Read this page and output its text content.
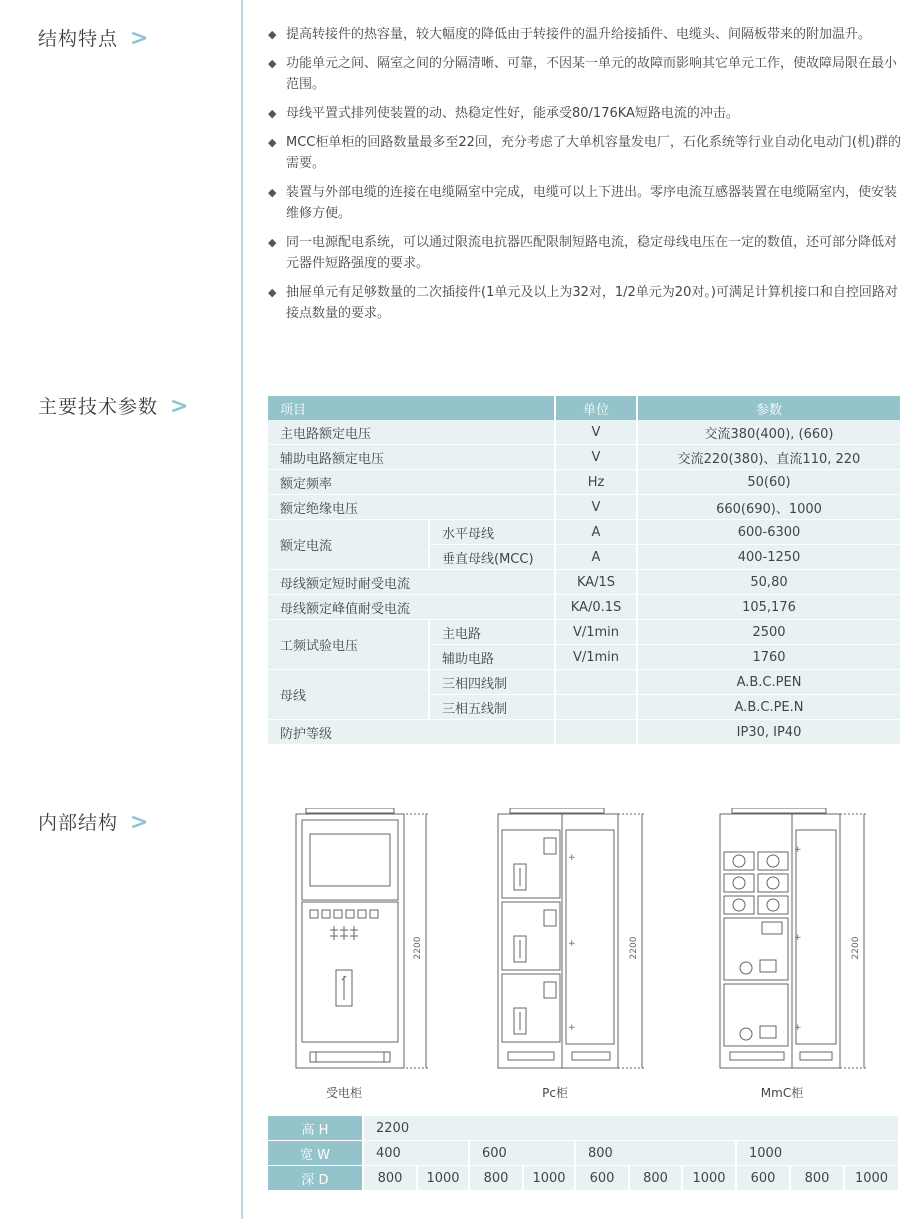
结构特点 >
主要技术参数 >
内部结构 >
◆ 提高转接件的热容量，较大幅度的降低由于转接件的温升给接插件、电缆头、间隔板带来的附加温升。
◆ 功能单元之间、隔室之间的分隔清晰、可靠，不因某一单元的故障而影响其它单元工作，使故障局限在最小范围。
◆ 母线平置式排列使装置的动、热稳定性好，能承受80/176KA短路电流的冲击。
◆ MCC柜单柜的回路数量最多至22回，充分考虑了大单机容量发电厂，石化系统等行业自动化电动门(机)群的需要。
◆ 装置与外部电缆的连接在电缆隔室中完成，电缆可以上下进出。零序电流互感器装置在电缆隔室内，使安装维修方便。
◆ 同一电源配电系统，可以通过限流电抗器匹配限制短路电流，稳定母线电压在一定的数值，还可部分降低对元器件短路强度的要求。
◆ 抽屉单元有足够数量的二次插接件(1单元及以上为32对，1/2单元为20对。)可满足计算机接口和自控回路对接点数量的要求。
项目		单位	参数
主电路额定电压		V	交流380(400), (660)
辅助电路额定电压		V	交流220(380)、直流110, 220
额定频率		Hz	50(60)
额定绝缘电压		V	660(690)、1000
额定电流	水平母线	A	600-6300
	垂直母线(MCC)	A	400-1250
母线额定短时耐受电流		KA/1S	50,80
母线额定峰值耐受电流		KA/0.1S	105,176
工频试验电压	主电路	V/1min	2500
	辅助电路	V/1min	1760
母线	三相四线制		A.B.C.PEN
	三相五线制		A.B.C.PE.N
防护等级			IP30, IP40
2200
受电柜
+
+
+
2200
Pc柜
+
+
+
2200
MmC柜
高 H	2200									
宽 W	400		600		800			1000		
深 D	800	1000	800	1000	600	800	1000	600	800	1000
